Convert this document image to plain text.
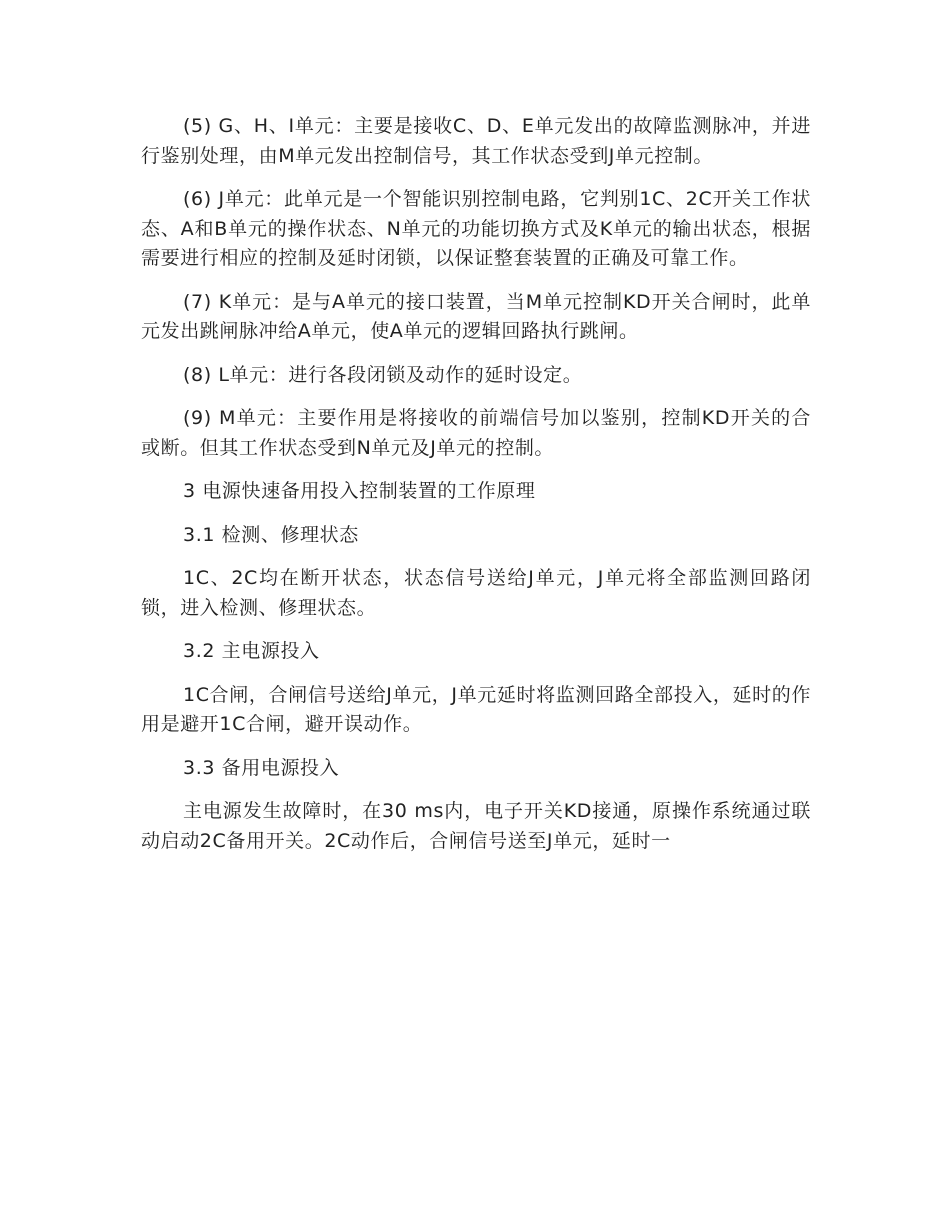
(5) G、H、I单元：主要是接收C、D、E单元发出的故障监测脉冲，并进行鉴别处理，由M单元发出控制信号，其工作状态受到J单元控制。

(6) J单元：此单元是一个智能识别控制电路，它判别1C、2C开关工作状态、A和B单元的操作状态、N单元的功能切换方式及K单元的输出状态，根据需要进行相应的控制及延时闭锁，以保证整套装置的正确及可靠工作。

(7) K单元：是与A单元的接口装置，当M单元控制KD开关合闸时，此单元发出跳闸脉冲给A单元，使A单元的逻辑回路执行跳闸。

(8) L单元：进行各段闭锁及动作的延时设定。

(9) M单元：主要作用是将接收的前端信号加以鉴别，控制KD开关的合或断。但其工作状态受到N单元及J单元的控制。

3 电源快速备用投入控制装置的工作原理

3.1 检测、修理状态

1C、2C均在断开状态，状态信号送给J单元，J单元将全部监测回路闭锁，进入检测、修理状态。

3.2 主电源投入

1C合闸，合闸信号送给J单元，J单元延时将监测回路全部投入，延时的作用是避开1C合闸，避开误动作。

3.3 备用电源投入

主电源发生故障时，在30 ms内，电子开关KD接通，原操作系统通过联动启动2C备用开关。2C动作后，合闸信号送至J单元，延时一
